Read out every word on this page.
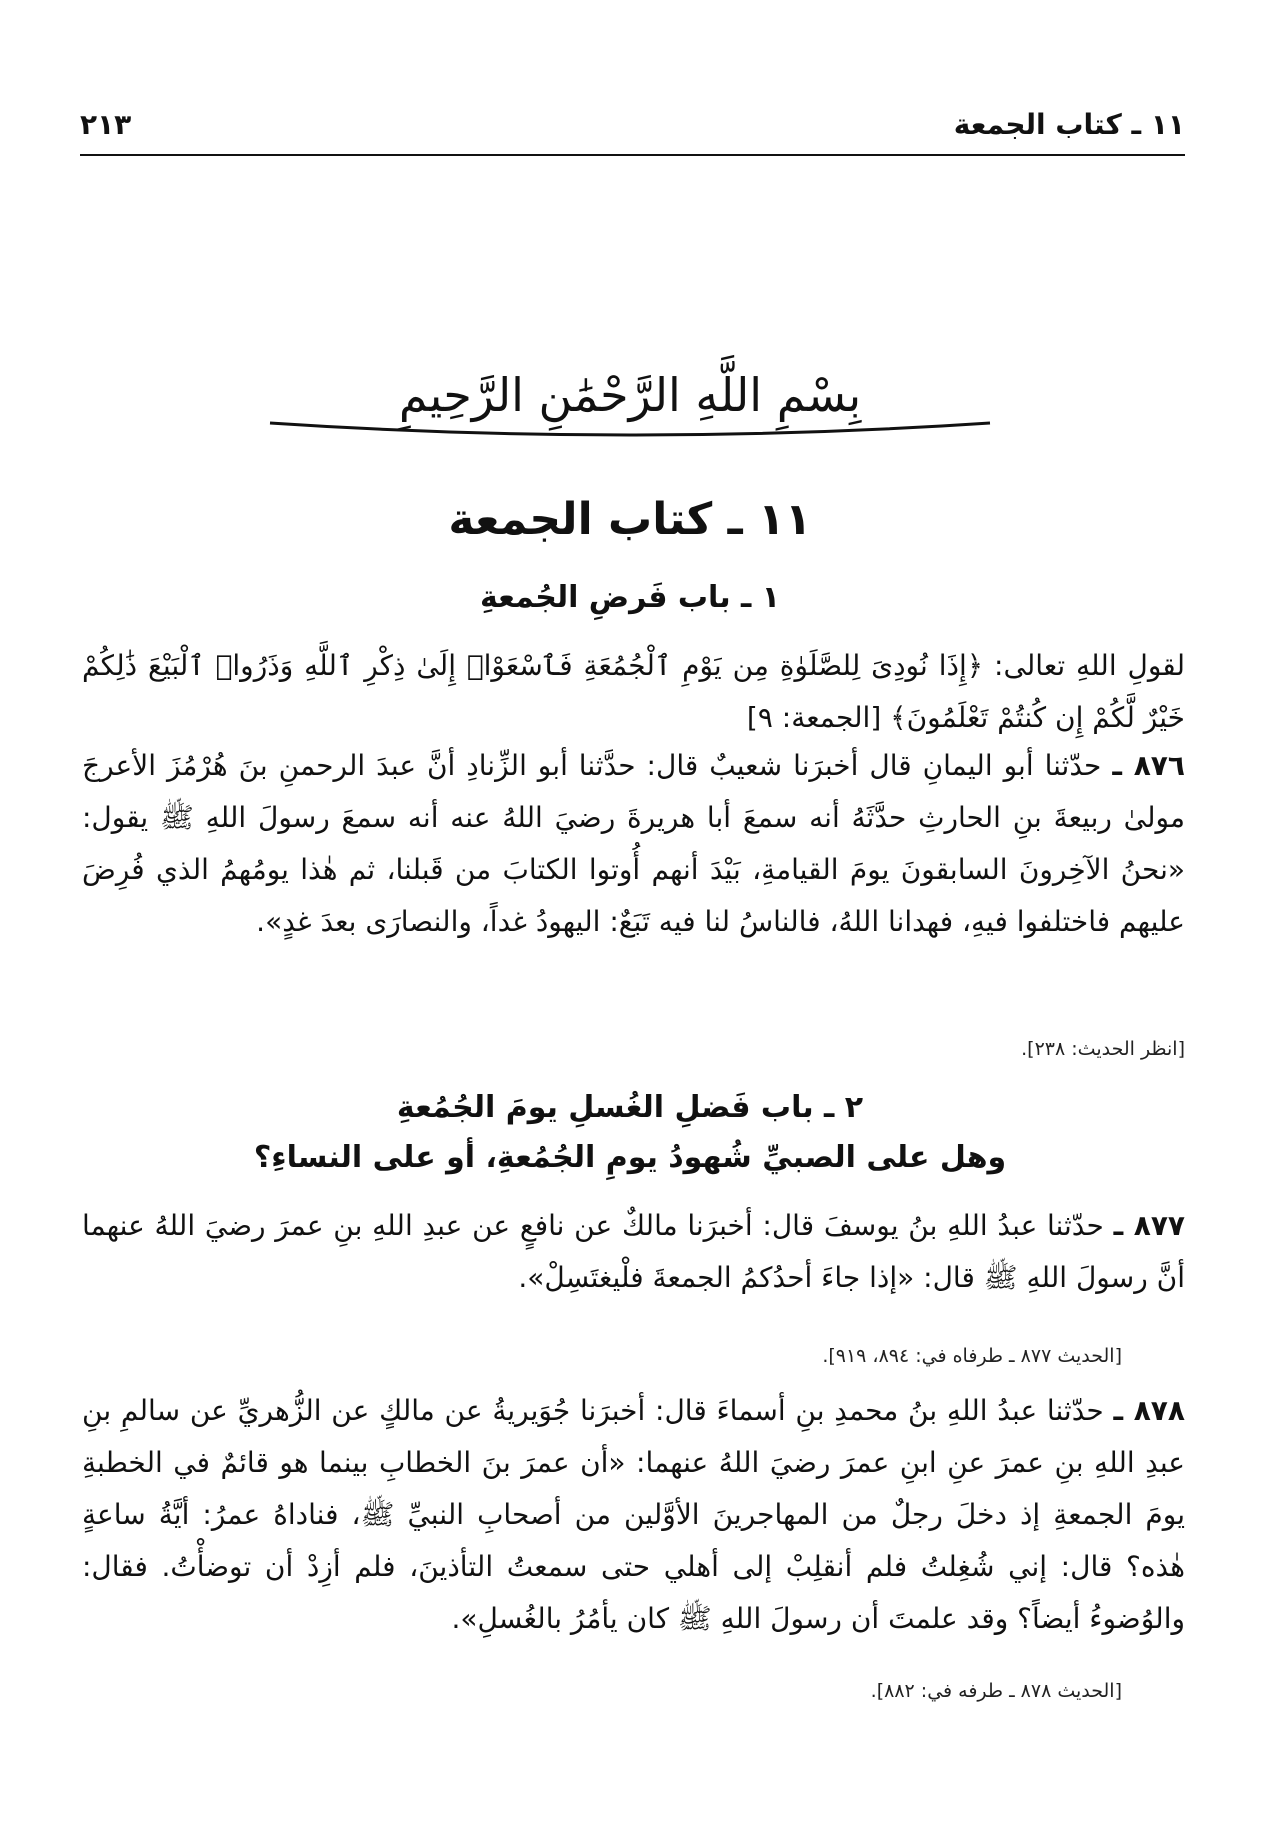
١١ ـ كتاب الجمعة
٢١٣
بِسْمِ اللَّهِ الرَّحْمَٰنِ الرَّحِيمِ
١١ ـ كتاب الجمعة
١ ـ باب فَرضِ الجُمعةِ
لقولِ اللهِ تعالى: ﴿إِذَا نُودِىَ لِلصَّلَوٰةِ مِن يَوْمِ ٱلْجُمُعَةِ فَٱسْعَوْا۟ إِلَىٰ ذِكْرِ ٱللَّهِ وَذَرُوا۟ ٱلْبَيْعَ ذَٰلِكُمْ خَيْرٌ لَّكُمْ إِن كُنتُمْ تَعْلَمُونَ﴾ [الجمعة: ٩]
٨٧٦ ـ حدّثنا أبو اليمانِ قال أخبرَنا شعيبٌ قال: حدَّثنا أبو الزِّنادِ أنَّ عبدَ الرحمنِ بنَ هُرْمُزَ الأعرجَ مولىٰ ربيعةَ بنِ الحارثِ حدَّثَهُ أنه سمعَ أبا هريرةَ رضيَ اللهُ عنه أنه سمعَ رسولَ اللهِ ﷺ يقول: «نحنُ الآخِرونَ السابقونَ يومَ القيامةِ، بَيْدَ أنهم أُوتوا الكتابَ من قَبلنا، ثم هٰذا يومُهمُ الذي فُرِضَ عليهم فاختلفوا فيهِ، فهدانا اللهُ، فالناسُ لنا فيه تَبَعٌ: اليهودُ غداً، والنصارَى بعدَ غدٍ».
[انظر الحديث: ٢٣٨].
٢ ـ باب فَضلِ الغُسلِ يومَ الجُمُعةِ
وهل على الصبيِّ شُهودُ يومِ الجُمُعةِ، أو على النساءِ؟
٨٧٧ ـ حدّثنا عبدُ اللهِ بنُ يوسفَ قال: أخبرَنا مالكٌ عن نافعٍ عن عبدِ اللهِ بنِ عمرَ رضيَ اللهُ عنهما أنَّ رسولَ اللهِ ﷺ قال: «إذا جاءَ أحدُكمُ الجمعةَ فلْيغتَسِلْ».
[الحديث ٨٧٧ ـ طرفاه في: ٨٩٤، ٩١٩].
٨٧٨ ـ حدّثنا عبدُ اللهِ بنُ محمدِ بنِ أسماءَ قال: أخبرَنا جُوَيريةُ عن مالكٍ عن الزُّهريِّ عن سالمِ بنِ عبدِ اللهِ بنِ عمرَ عنِ ابنِ عمرَ رضيَ اللهُ عنهما: «أن عمرَ بنَ الخطابِ بينما هو قائمٌ في الخطبةِ يومَ الجمعةِ إذ دخلَ رجلٌ من المهاجرينَ الأوَّلين من أصحابِ النبيِّ ﷺ، فناداهُ عمرُ: أيَّةُ ساعةٍ هٰذه؟ قال: إني شُغِلتُ فلم أنقلِبْ إلى أهلي حتى سمعتُ التأذينَ، فلم أزِدْ أن توضأْتُ. فقال: والوُضوءُ أيضاً؟ وقد علمتَ أن رسولَ اللهِ ﷺ كان يأمُرُ بالغُسلِ».
[الحديث ٨٧٨ ـ طرفه في: ٨٨٢].
